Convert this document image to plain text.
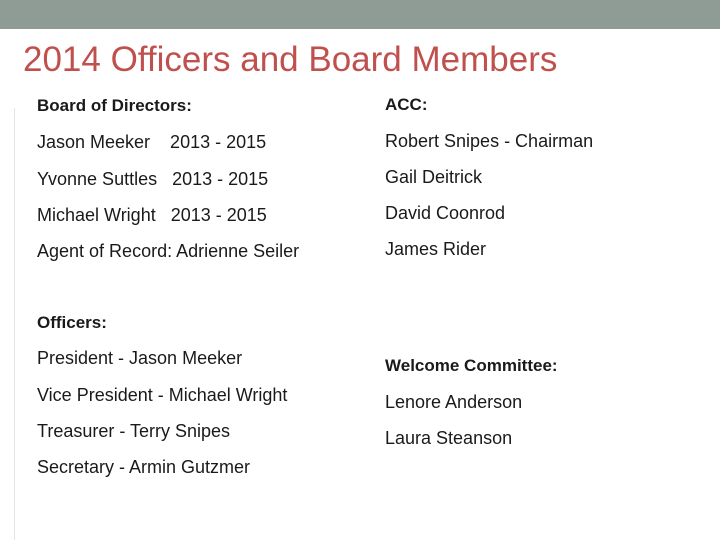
2014 Officers and Board Members
Board of Directors:
Jason Meeker    2013 - 2015
Yvonne Suttles   2013 - 2015
Michael Wright   2013 - 2015
Agent of Record: Adrienne Seiler
Officers:
President - Jason Meeker
Vice President - Michael Wright
Treasurer - Terry Snipes
Secretary - Armin Gutzmer
ACC:
Robert Snipes - Chairman
Gail Deitrick
David Coonrod
James Rider
Welcome Committee:
Lenore Anderson
Laura Steanson
